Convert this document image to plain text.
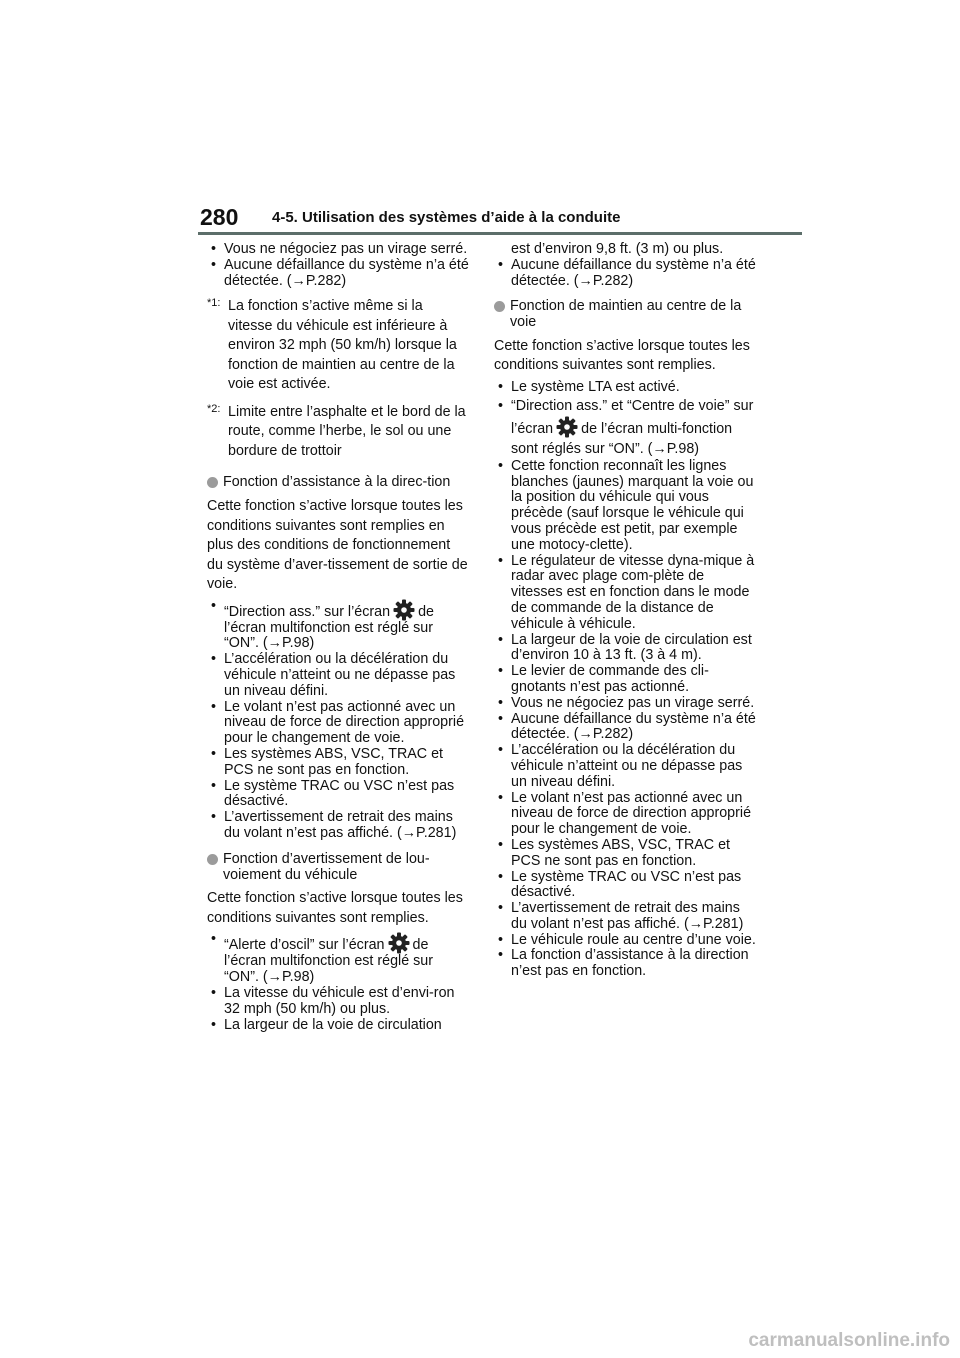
280 4-5. Utilisation des systèmes d’aide à la conduite

• Vous ne négociez pas un virage serré.

• Aucune défaillance du système n’a été détectée. (→P.282)

*1: La fonction s’active même si la vitesse du véhicule est inférieure à environ 32 mph (50 km/h) lorsque la fonction de maintien au centre de la voie est activée.

*2: Limite entre l’asphalte et le bord de la route, comme l’herbe, le sol ou une bordure de trottoir

Fonction d’assistance à la direc-tion

Cette fonction s’active lorsque toutes les conditions suivantes sont remplies en plus des conditions de fonctionnement du système d’aver-tissement de sortie de voie.

• “Direction ass.” sur l’écran de l’écran multifonction est réglé sur “ON”. (→P.98)

• L’accélération ou la décélération du véhicule n’atteint ou ne dépasse pas un niveau défini.

• Le volant n’est pas actionné avec un niveau de force de direction approprié pour le changement de voie.

• Les systèmes ABS, VSC, TRAC et PCS ne sont pas en fonction.

• Le système TRAC ou VSC n’est pas désactivé.

• L’avertissement de retrait des mains du volant n’est pas affiché. (→P.281)

Fonction d’avertissement de lou-voiement du véhicule

Cette fonction s’active lorsque toutes les conditions suivantes sont remplies.

• “Alerte d’oscil” sur l’écran de l’écran multifonction est réglé sur “ON”. (→P.98)

• La vitesse du véhicule est d’envi-ron 32 mph (50 km/h) ou plus.

• La largeur de la voie de circulation

est d’environ 9,8 ft. (3 m) ou plus.

• Aucune défaillance du système n’a été détectée. (→P.282)

Fonction de maintien au centre de la voie

Cette fonction s’active lorsque toutes les conditions suivantes sont remplies.

• Le système LTA est activé.

• “Direction ass.” et “Centre de voie” sur l’écran de l’écran multi-fonction sont réglés sur “ON”. (→P.98)

• Cette fonction reconnaît les lignes blanches (jaunes) marquant la voie ou la position du véhicule qui vous précède (sauf lorsque le véhicule qui vous précède est petit, par exemple une motocy-clette).

• Le régulateur de vitesse dyna-mique à radar avec plage com-plète de vitesses est en fonction dans le mode de commande de la distance de véhicule à véhicule.

• La largeur de la voie de circulation est d’environ 10 à 13 ft. (3 à 4 m).

• Le levier de commande des cli-gnotants n’est pas actionné.

• Vous ne négociez pas un virage serré.

• Aucune défaillance du système n’a été détectée. (→P.282)

• L’accélération ou la décélération du véhicule n’atteint ou ne dépasse pas un niveau défini.

• Le volant n’est pas actionné avec un niveau de force de direction approprié pour le changement de voie.

• Les systèmes ABS, VSC, TRAC et PCS ne sont pas en fonction.

• Le système TRAC ou VSC n’est pas désactivé.

• L’avertissement de retrait des mains du volant n’est pas affiché. (→P.281)

• Le véhicule roule au centre d’une voie.

• La fonction d’assistance à la direction n’est pas en fonction.

carmanualsonline.info
